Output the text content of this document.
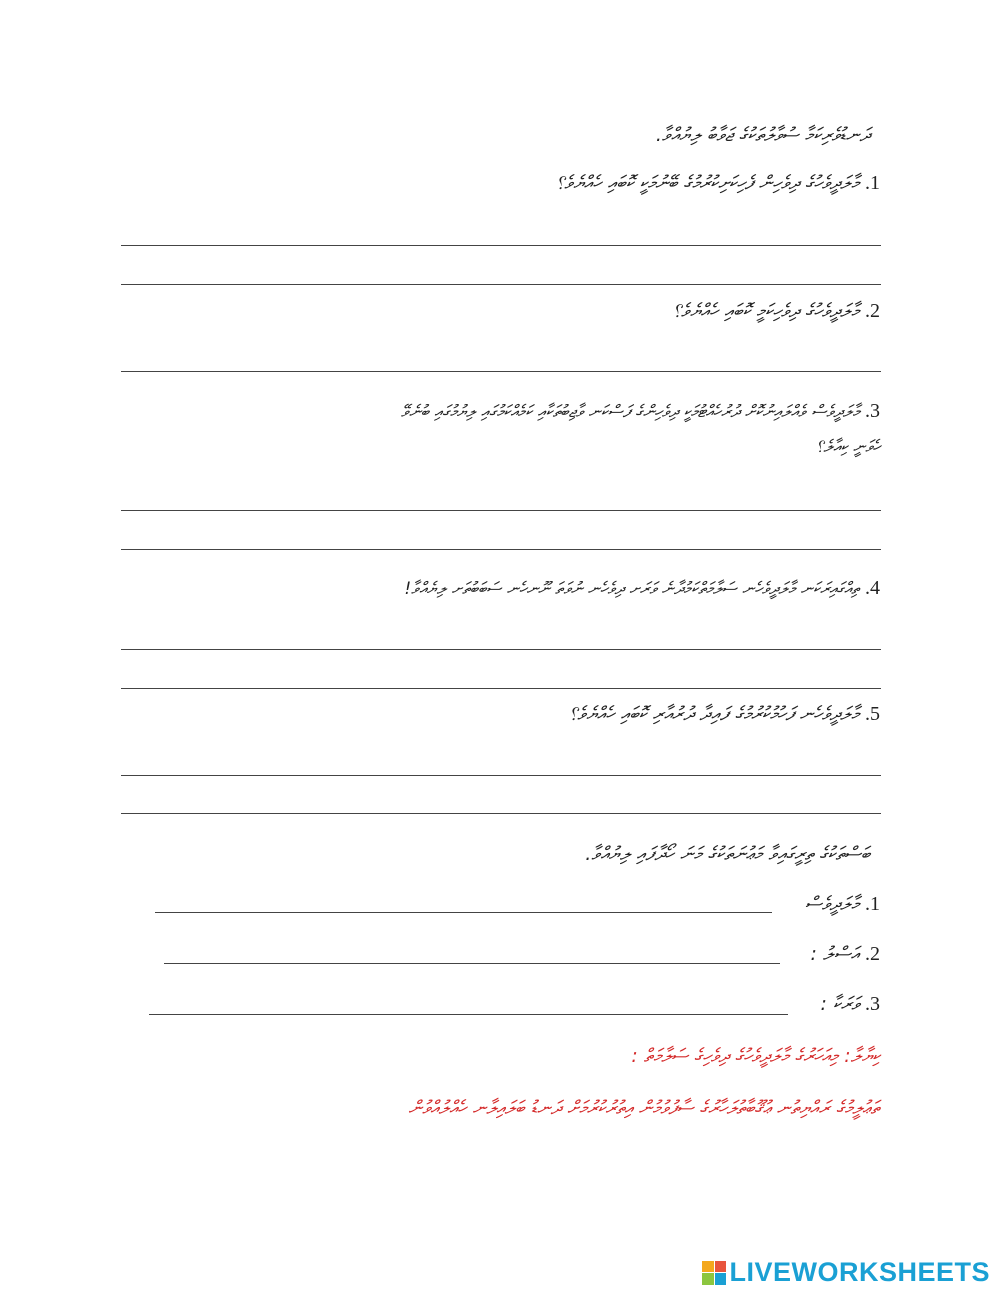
ދަނޑުވެރިކަމާ ސުވާލުތަކުގެ ޖަވާބު ލިޔުއްވާ.
1. މާލަދީވެހުގެ ދިވެހިން ފެހިކަށިކުރުމުގެ ބޭނުމަކީ ކޮބައި ހެއްޔެވެ؟
2. މާލަދީވެހުގެ ދިވެހިކަމީ ކޮބައި ހެއްޔެވެ؟
3. މާލަދީވެސް ވެއްލައިނުކޮށް ދުރުހެއްޓުމަކީ ދިވެހިންގެ ފަސްކަނ ވާޖިބުތަކާއި ކަމެއްކަމުގައި ލިޔުމުގައި ބުނެވޭ
ހެވަނީ ކިއާލެ؟
4. ތިއްގައިރަކަނ މާލަދީވެހެނ ސަލާމަތްކަމުދާނެ ވަރަށ ދިވެހެނ ނުވަތަ ނޫނހެނ ސަބަބުތަށ ލިޔެއްވާ!
5. މާލަދީވެހެނ ފަހުމުކުރުމުގެ ފައިދާ ދުރުއާރި ކޮބައި ހެއްޔެވެ؟
ބަސްތަކުގެ ތިރީގައިވާ މަޢުނަތަކުގެ މަނަ ހޯދާފައި ލިޔުއްވާ.
1. މާލަދީވެސް
2. އަސްލު :
3. ވަރަކާ :
ކިޔާލާ: މިއަހަރުގެ މާލަދީވެހުގެ ދިވެހިގެ ސަލާމަތް :
ތަޢުލީމުގެ ރައްޔިތުނ ޢުޤޫބާތުލަހާރުގެ ސާފުވުމުން އިތުރުކުރުމަށް ދަނޑު ބަލައިލާނ ހެއްލުއްވުން
LIVEWORKSHEETS
